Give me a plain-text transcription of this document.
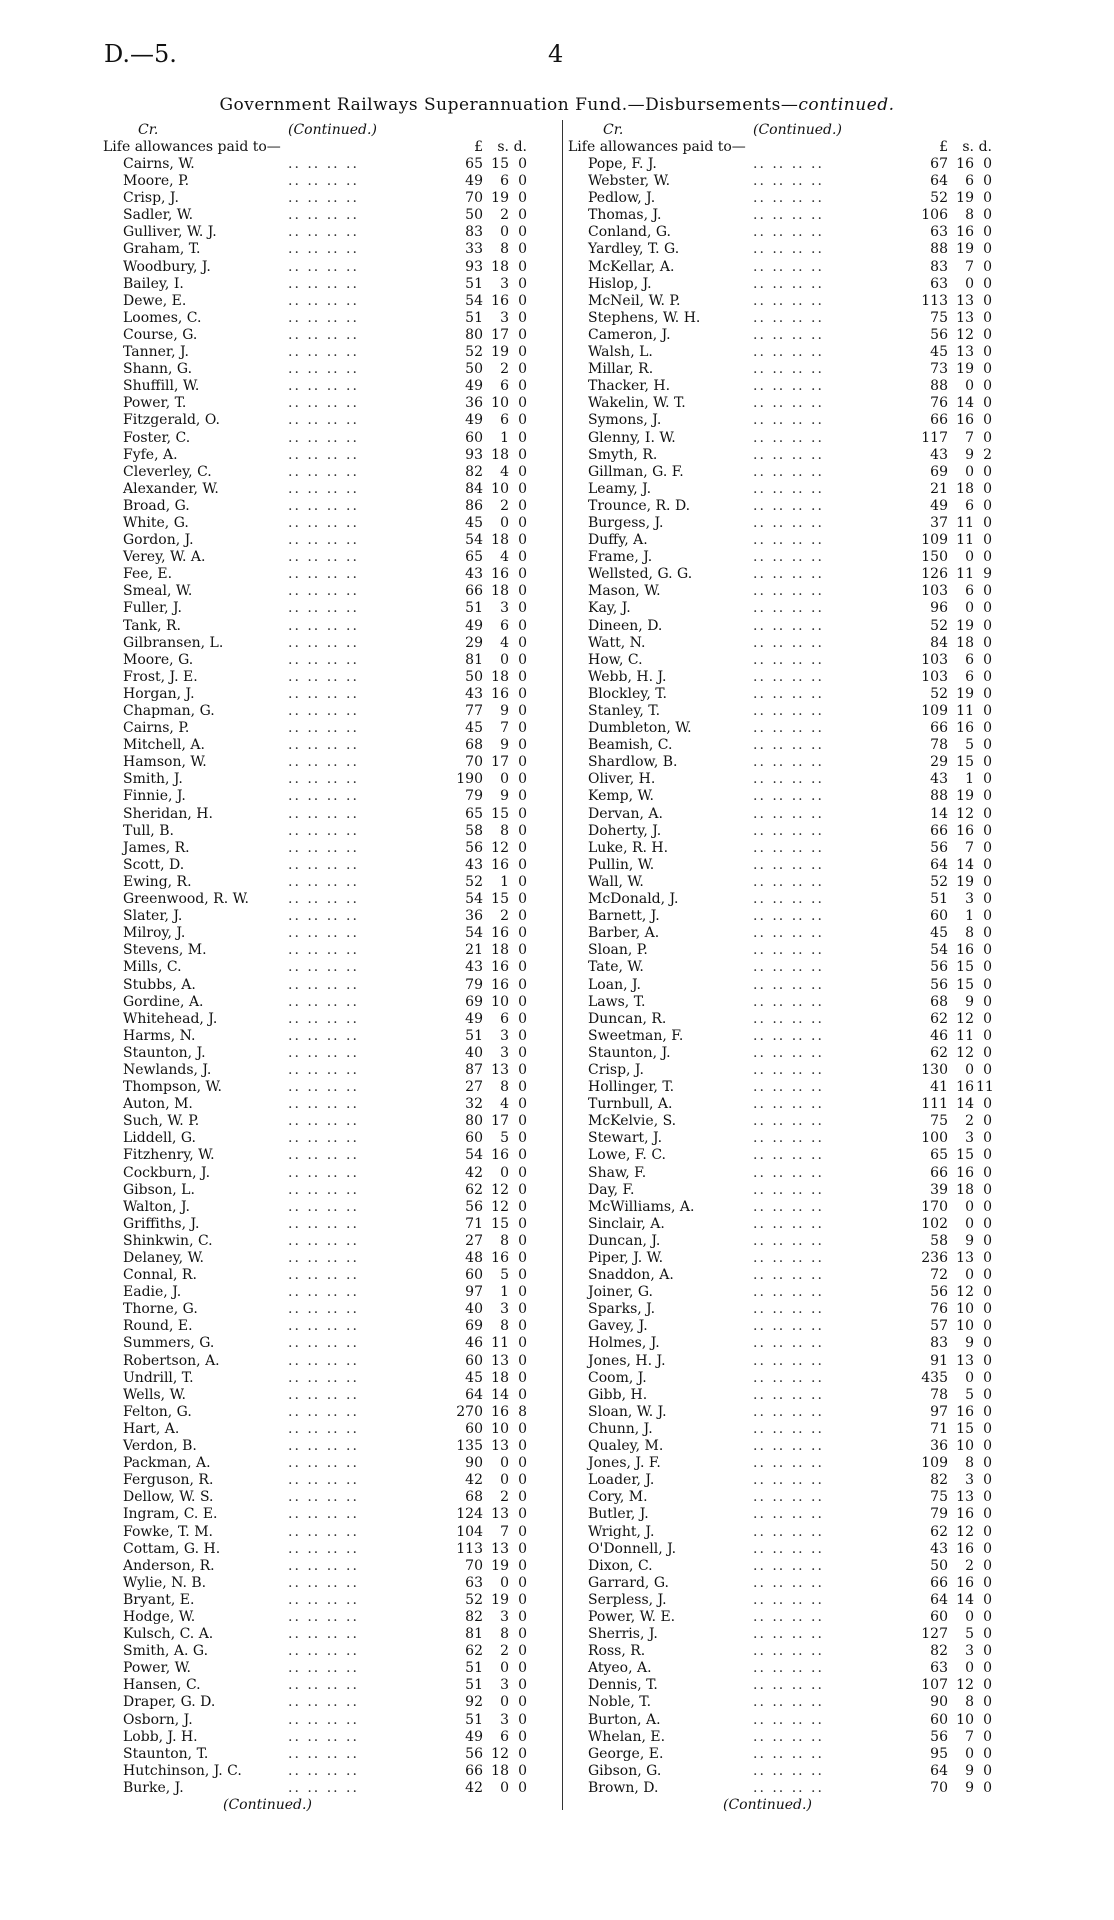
D.—5.	4
Government Railways Superannuation Fund.—Disbursements—continued.
Cr.	(Continued.)
Life allowances paid to—	£	s. d.
Cairns, W.	.. .. .. ..	65 15 0
Moore, P.	.. .. .. ..	49	6 0
Crisp, J.	.. .. .. ..	70 19 0
Sadler, W.	.. .. .. ..	50	2 0
Gulliver, W. J.	.. .. .. ..	83	0 0
Graham, T.	.. .. .. ..	33	8 0
Woodbury, J.	.. .. .. ..	93 18 0
Bailey, I.	.. .. .. ..	51	3 0
Dewe, E.	.. .. .. ..	54 16 0
Loomes, C.	.. .. .. ..	51	3 0
Course, G.	.. .. .. ..	80 17 0
Tanner, J.	.. .. .. ..	52 19 0
Shann, G.	.. .. .. ..	50	2 0
Shuffill, W.	.. .. .. ..	49	6 0
Power, T.	.. .. .. ..	36 10 0
Fitzgerald, O.	.. .. .. ..	49	6 0
Foster, C.	.. .. .. ..	60	1 0
Fyfe, A.	.. .. .. ..	93 18 0
Cleverley, C.	.. .. .. ..	82	4 0
Alexander, W.	.. .. .. ..	84 10 0
Broad, G.	.. .. .. ..	86	2 0
White, G.	.. .. .. ..	45	0 0
Gordon, J.	.. .. .. ..	54 18 0
Verey, W. A.	.. .. .. ..	65	4 0
Fee, E.	.. .. .. ..	43 16 0
Smeal, W.	.. .. .. ..	66 18 0
Fuller, J.	.. .. .. ..	51	3 0
Tank, R.	.. .. .. ..	49	6 0
Gilbransen, L.	.. .. .. ..	29	4 0
Moore, G.	.. .. .. ..	81	0 0
Frost, J. E.	.. .. .. ..	50 18 0
Horgan, J.	.. .. .. ..	43 16 0
Chapman, G.	.. .. .. ..	77	9 0
Cairns, P.	.. .. .. ..	45	7 0
Mitchell, A.	.. .. .. ..	68	9 0
Hamson, W.	.. .. .. ..	70 17 0
Smith, J.	.. .. .. ..	190	0 0
Finnie, J.	.. .. .. ..	79	9 0
Sheridan, H.	.. .. .. ..	65 15 0
Tull, B.	.. .. .. ..	58	8 0
James, R.	.. .. .. ..	56 12 0
Scott, D.	.. .. .. ..	43 16 0
Ewing, R.	.. .. .. ..	52	1 0
Greenwood, R. W.	.. .. .. ..	54 15 0
Slater, J.	.. .. .. ..	36	2 0
Milroy, J.	.. .. .. ..	54 16 0
Stevens, M.	.. .. .. ..	21 18 0
Mills, C.	.. .. .. ..	43 16 0
Stubbs, A.	.. .. .. ..	79 16 0
Gordine, A.	.. .. .. ..	69 10 0
Whitehead, J.	.. .. .. ..	49	6 0
Harms, N.	.. .. .. ..	51	3 0
Staunton, J.	.. .. .. ..	40	3 0
Newlands, J.	.. .. .. ..	87 13 0
Thompson, W.	.. .. .. ..	27	8 0
Auton, M.	.. .. .. ..	32	4 0
Such, W. P.	.. .. .. ..	80 17 0
Liddell, G.	.. .. .. ..	60	5 0
Fitzhenry, W.	.. .. .. ..	54 16 0
Cockburn, J.	.. .. .. ..	42	0 0
Gibson, L.	.. .. .. ..	62 12 0
Walton, J.	.. .. .. ..	56 12 0
Griffiths, J.	.. .. .. ..	71 15 0
Shinkwin, C.	.. .. .. ..	27	8 0
Delaney, W.	.. .. .. ..	48 16 0
Connal, R.	.. .. .. ..	60	5 0
Eadie, J.	.. .. .. ..	97	1 0
Thorne, G.	.. .. .. ..	40	3 0
Round, E.	.. .. .. ..	69	8 0
Summers, G.	.. .. .. ..	46 11 0
Robertson, A.	.. .. .. ..	60 13 0
Undrill, T.	.. .. .. ..	45 18 0
Wells, W.	.. .. .. ..	64 14 0
Felton, G.	.. .. .. ..	270 16 8
Hart, A.	.. .. .. ..	60 10 0
Verdon, B.	.. .. .. ..	135 13 0
Packman, A.	.. .. .. ..	90	0 0
Ferguson, R.	.. .. .. ..	42	0 0
Dellow, W. S.	.. .. .. ..	68	2 0
Ingram, C. E.	.. .. .. ..	124 13 0
Fowke, T. M.	.. .. .. ..	104	7 0
Cottam, G. H.	.. .. .. ..	113 13 0
Anderson, R.	.. .. .. ..	70 19 0
Wylie, N. B.	.. .. .. ..	63	0 0
Bryant, E.	.. .. .. ..	52 19 0
Hodge, W.	.. .. .. ..	82	3 0
Kulsch, C. A.	.. .. .. ..	81	8 0
Smith, A. G.	.. .. .. ..	62	2 0
Power, W.	.. .. .. ..	51	0 0
Hansen, C.	.. .. .. ..	51	3 0
Draper, G. D.	.. .. .. ..	92	0 0
Osborn, J.	.. .. .. ..	51	3 0
Lobb, J. H.	.. .. .. ..	49	6 0
Staunton, T.	.. .. .. ..	56 12 0
Hutchinson, J. C.	.. .. .. ..	66 18 0
Burke, J.	.. .. .. ..	42	0 0
(Continued.)
Cr.	(Continued.)
Life allowances paid to—	£	s. d.
Pope, F. J.	.. .. .. ..	67 16 0
Webster, W.	.. .. .. ..	64	6 0
Pedlow, J.	.. .. .. ..	52 19 0
Thomas, J.	.. .. .. ..	106	8 0
Conland, G.	.. .. .. ..	63 16 0
Yardley, T. G.	.. .. .. ..	88 19 0
McKellar, A.	.. .. .. ..	83	7 0
Hislop, J.	.. .. .. ..	63	0 0
McNeil, W. P.	.. .. .. ..	113 13 0
Stephens, W. H.	.. .. .. ..	75 13 0
Cameron, J.	.. .. .. ..	56 12 0
Walsh, L.	.. .. .. ..	45 13 0
Millar, R.	.. .. .. ..	73 19 0
Thacker, H.	.. .. .. ..	88	0 0
Wakelin, W. T.	.. .. .. ..	76 14 0
Symons, J.	.. .. .. ..	66 16 0
Glenny, I. W.	.. .. .. ..	117	7 0
Smyth, R.	.. .. .. ..	43	9 2
Gillman, G. F.	.. .. .. ..	69	0 0
Leamy, J.	.. .. .. ..	21 18 0
Trounce, R. D.	.. .. .. ..	49	6 0
Burgess, J.	.. .. .. ..	37 11 0
Duffy, A.	.. .. .. ..	109 11 0
Frame, J.	.. .. .. ..	150	0 0
Wellsted, G. G.	.. .. .. ..	126 11 9
Mason, W.	.. .. .. ..	103	6 0
Kay, J.	.. .. .. ..	96	0 0
Dineen, D.	.. .. .. ..	52 19 0
Watt, N.	.. .. .. ..	84 18 0
How, C.	.. .. .. ..	103	6 0
Webb, H. J.	.. .. .. ..	103	6 0
Blockley, T.	.. .. .. ..	52 19 0
Stanley, T.	.. .. .. ..	109 11 0
Dumbleton, W.	.. .. .. ..	66 16 0
Beamish, C.	.. .. .. ..	78	5 0
Shardlow, B.	.. .. .. ..	29 15 0
Oliver, H.	.. .. .. ..	43	1 0
Kemp, W.	.. .. .. ..	88 19 0
Dervan, A.	.. .. .. ..	14 12 0
Doherty, J.	.. .. .. ..	66 16 0
Luke, R. H.	.. .. .. ..	56	7 0
Pullin, W.	.. .. .. ..	64 14 0
Wall, W.	.. .. .. ..	52 19 0
McDonald, J.	.. .. .. ..	51	3 0
Barnett, J.	.. .. .. ..	60	1 0
Barber, A.	.. .. .. ..	45	8 0
Sloan, P.	.. .. .. ..	54 16 0
Tate, W.	.. .. .. ..	56 15 0
Loan, J.	.. .. .. ..	56 15 0
Laws, T.	.. .. .. ..	68	9 0
Duncan, R.	.. .. .. ..	62 12 0
Sweetman, F.	.. .. .. ..	46 11 0
Staunton, J.	.. .. .. ..	62 12 0
Crisp, J.	.. .. .. ..	130	0 0
Hollinger, T.	.. .. .. ..	41 16 11
Turnbull, A.	.. .. .. ..	111 14 0
McKelvie, S.	.. .. .. ..	75	2 0
Stewart, J.	.. .. .. ..	100	3 0
Lowe, F. C.	.. .. .. ..	65 15 0
Shaw, F.	.. .. .. ..	66 16 0
Day, F.	.. .. .. ..	39 18 0
McWilliams, A.	.. .. .. ..	170	0 0
Sinclair, A.	.. .. .. ..	102	0 0
Duncan, J.	.. .. .. ..	58	9 0
Piper, J. W.	.. .. .. ..	236 13 0
Snaddon, A.	.. .. .. ..	72	0 0
Joiner, G.	.. .. .. ..	56 12 0
Sparks, J.	.. .. .. ..	76 10 0
Gavey, J.	.. .. .. ..	57 10 0
Holmes, J.	.. .. .. ..	83	9 0
Jones, H. J.	.. .. .. ..	91 13 0
Coom, J.	.. .. .. ..	435	0 0
Gibb, H.	.. .. .. ..	78	5 0
Sloan, W. J.	.. .. .. ..	97 16 0
Chunn, J.	.. .. .. ..	71 15 0
Qualey, M.	.. .. .. ..	36 10 0
Jones, J. F.	.. .. .. ..	109	8 0
Loader, J.	.. .. .. ..	82	3 0
Cory, M.	.. .. .. ..	75 13 0
Butler, J.	.. .. .. ..	79 16 0
Wright, J.	.. .. .. ..	62 12 0
O'Donnell, J.	.. .. .. ..	43 16 0
Dixon, C.	.. .. .. ..	50	2 0
Garrard, G.	.. .. .. ..	66 16 0
Serpless, J.	.. .. .. ..	64 14 0
Power, W. E.	.. .. .. ..	60	0 0
Sherris, J.	.. .. .. ..	127	5 0
Ross, R.	.. .. .. ..	82	3 0
Atyeo, A.	.. .. .. ..	63	0 0
Dennis, T.	.. .. .. ..	107 12 0
Noble, T.	.. .. .. ..	90	8 0
Burton, A.	.. .. .. ..	60 10 0
Whelan, E.	.. .. .. ..	56	7 0
George, E.	.. .. .. ..	95	0 0
Gibson, G.	.. .. .. ..	64	9 0
Brown, D.	.. .. .. ..	70	9 0
(Continued.)
